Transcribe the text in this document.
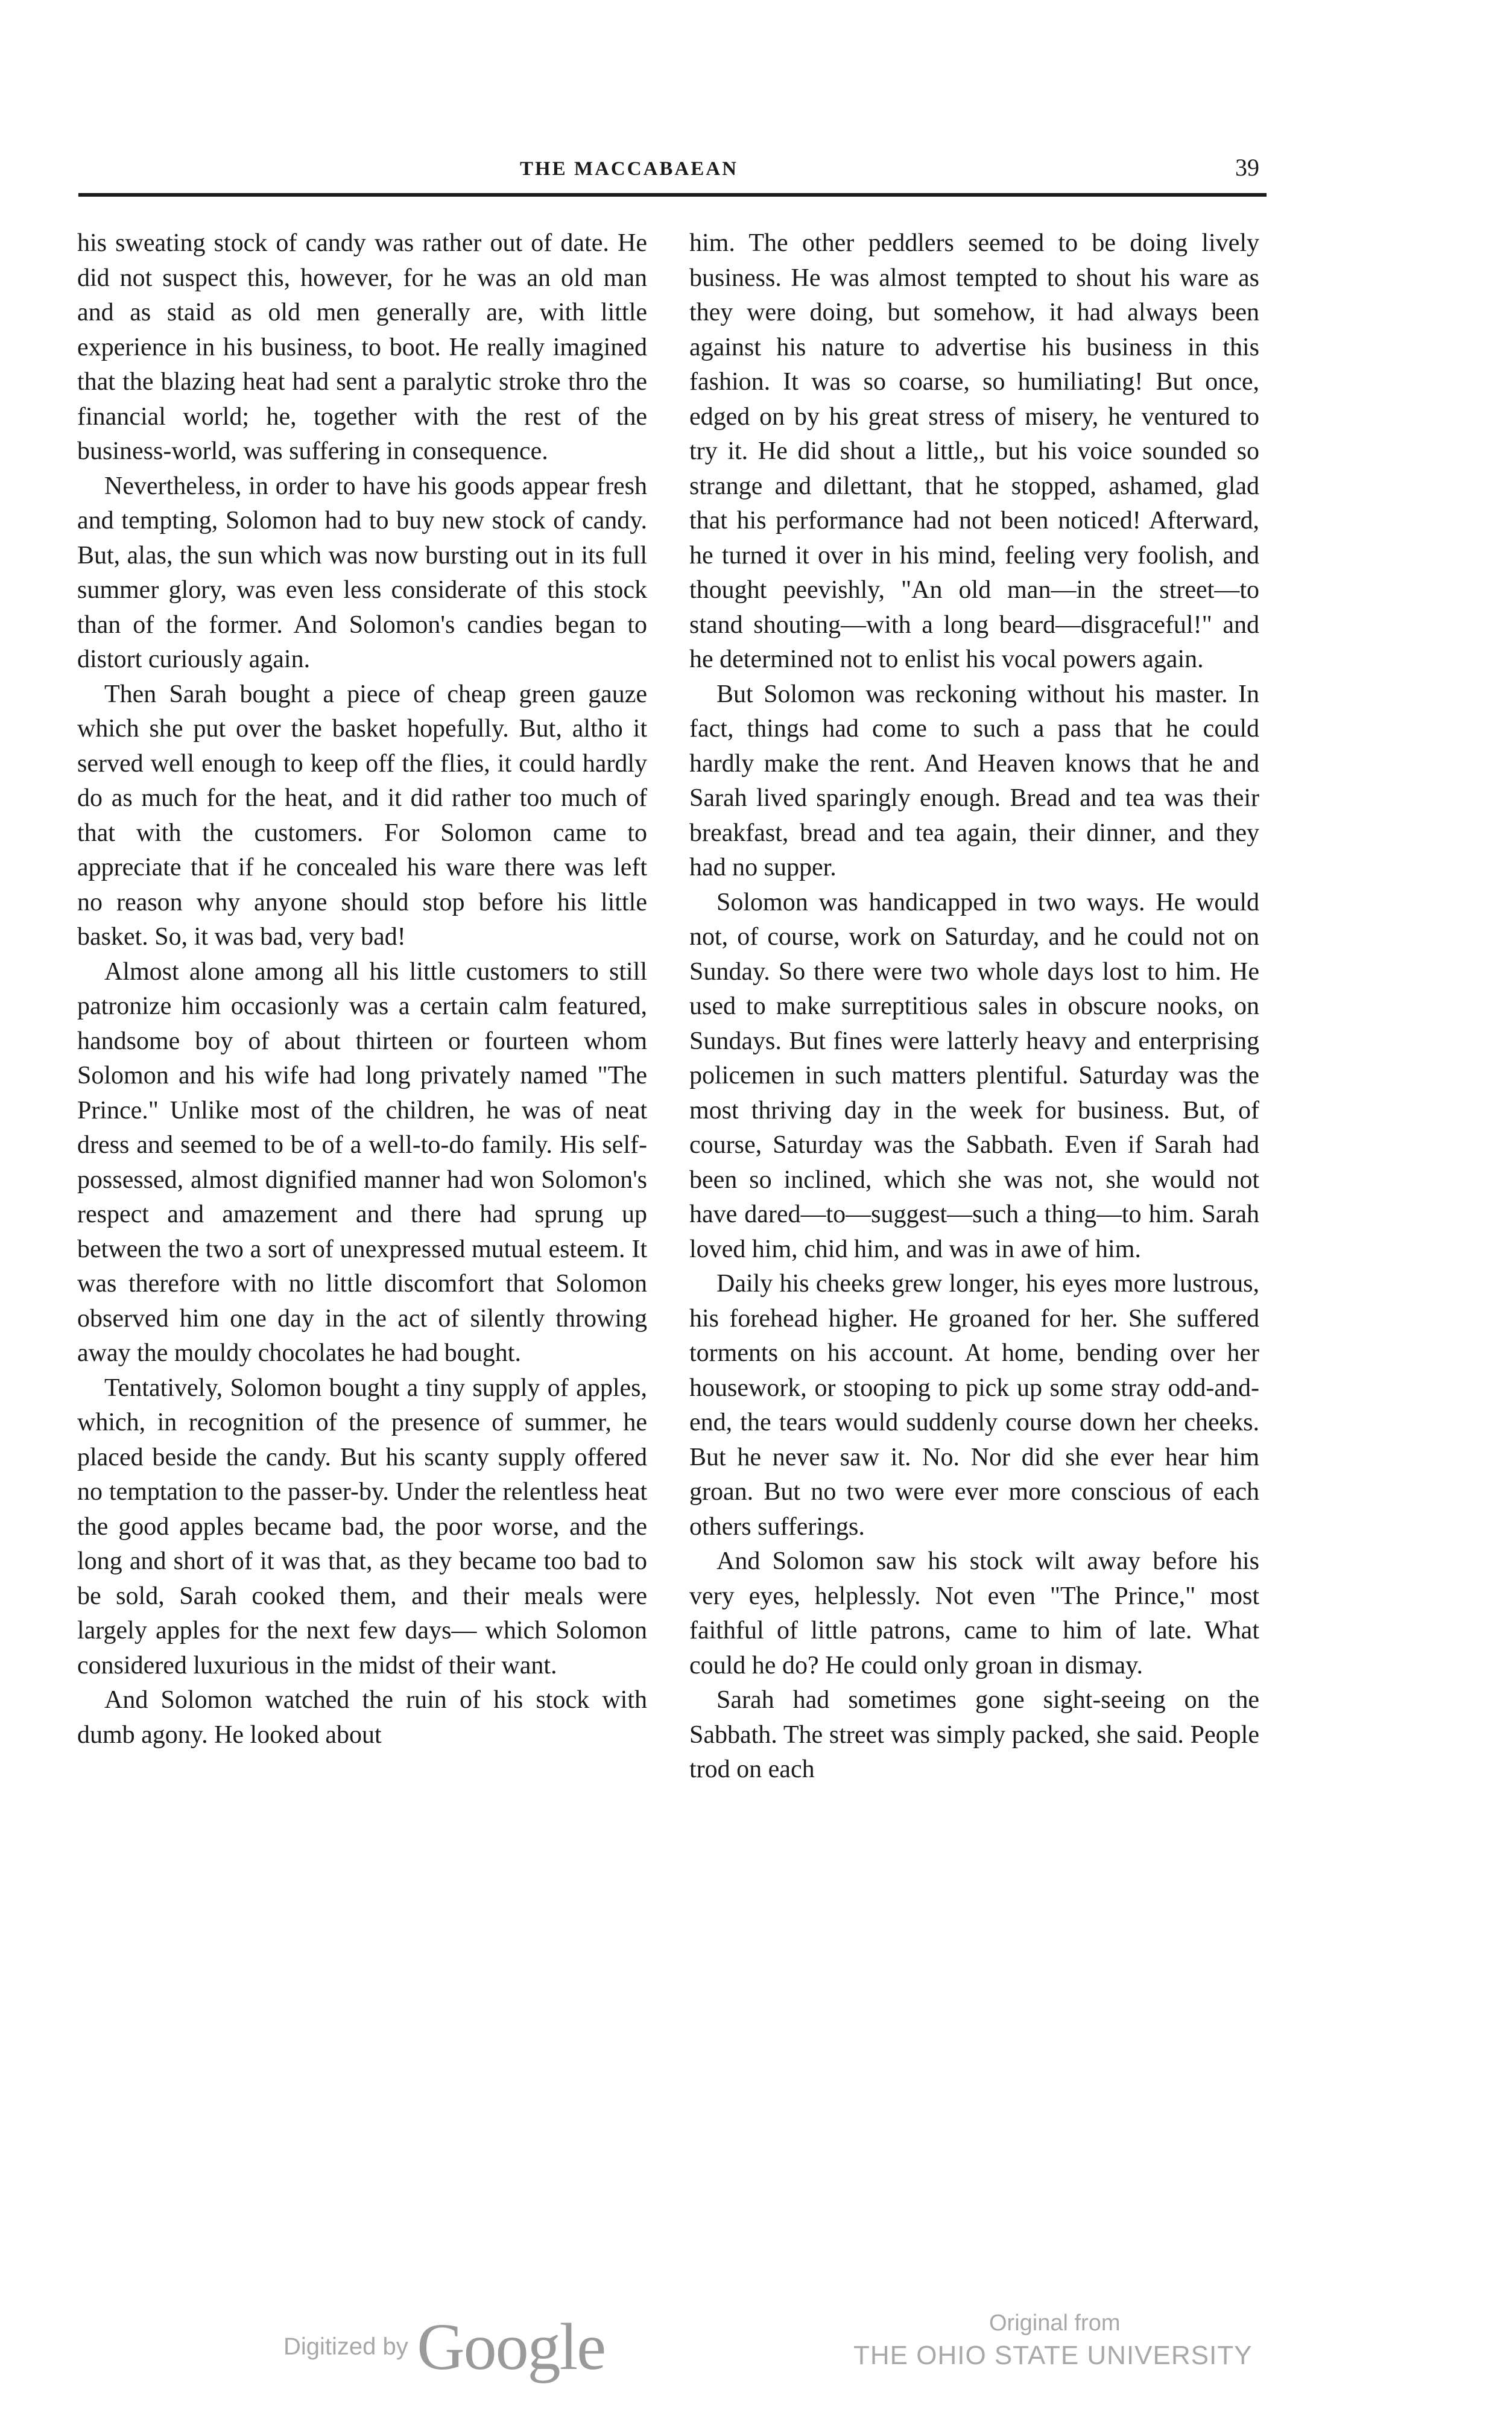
THE MACCABAEAN	39

his sweating stock of candy was rather out of date. He did not suspect this, however, for he was an old man and as staid as old men generally are, with little experience in his business, to boot. He really imagined that the blazing heat had sent a paralytic stroke thro the financial world; he, together with the rest of the business-world, was suffering in consequence.

Nevertheless, in order to have his goods appear fresh and tempting, Solomon had to buy new stock of candy. But, alas, the sun which was now bursting out in its full summer glory, was even less considerate of this stock than of the former. And Solomon's candies began to distort curiously again.

Then Sarah bought a piece of cheap green gauze which she put over the basket hopefully. But, altho it served well enough to keep off the flies, it could hardly do as much for the heat, and it did rather too much of that with the customers. For Solomon came to appreciate that if he concealed his ware there was left no reason why anyone should stop before his little basket. So, it was bad, very bad!

Almost alone among all his little customers to still patronize him occasionly was a certain calm featured, handsome boy of about thirteen or fourteen whom Solomon and his wife had long privately named "The Prince." Unlike most of the children, he was of neat dress and seemed to be of a well-to-do family. His self-possessed, almost dignified manner had won Solomon's respect and amazement and there had sprung up between the two a sort of unexpressed mutual esteem. It was therefore with no little discomfort that Solomon observed him one day in the act of silently throwing away the mouldy chocolates he had bought.

Tentatively, Solomon bought a tiny supply of apples, which, in recognition of the presence of summer, he placed beside the candy. But his scanty supply offered no temptation to the passer-by. Under the relentless heat the good apples became bad, the poor worse, and the long and short of it was that, as they became too bad to be sold, Sarah cooked them, and their meals were largely apples for the next few days— which Solomon considered luxurious in the midst of their want.

And Solomon watched the ruin of his stock with dumb agony. He looked about

him. The other peddlers seemed to be doing lively business. He was almost tempted to shout his ware as they were doing, but somehow, it had always been against his nature to advertise his business in this fashion. It was so coarse, so humiliating! But once, edged on by his great stress of misery, he ventured to try it. He did shout a little,, but his voice sounded so strange and dilettant, that he stopped, ashamed, glad that his performance had not been noticed! Afterward, he turned it over in his mind, feeling very foolish, and thought peevishly, "An old man—in the street—to stand shouting—with a long beard—disgraceful!" and he determined not to enlist his vocal powers again.

But Solomon was reckoning without his master. In fact, things had come to such a pass that he could hardly make the rent. And Heaven knows that he and Sarah lived sparingly enough. Bread and tea was their breakfast, bread and tea again, their dinner, and they had no supper.

Solomon was handicapped in two ways. He would not, of course, work on Saturday, and he could not on Sunday. So there were two whole days lost to him. He used to make surreptitious sales in obscure nooks, on Sundays. But fines were latterly heavy and enterprising policemen in such matters plentiful. Saturday was the most thriving day in the week for business. But, of course, Saturday was the Sabbath. Even if Sarah had been so inclined, which she was not, she would not have dared—to—suggest—such a thing—to him. Sarah loved him, chid him, and was in awe of him.

Daily his cheeks grew longer, his eyes more lustrous, his forehead higher. He groaned for her. She suffered torments on his account. At home, bending over her housework, or stooping to pick up some stray odd-and-end, the tears would suddenly course down her cheeks. But he never saw it. No. Nor did she ever hear him groan. But no two were ever more conscious of each others sufferings.

And Solomon saw his stock wilt away before his very eyes, helplessly. Not even "The Prince," most faithful of little patrons, came to him of late. What could he do? He could only groan in dismay.

Sarah had sometimes gone sight-seeing on the Sabbath. The street was simply packed, she said. People trod on each

Digitized by Google	Original from
THE OHIO STATE UNIVERSITY
